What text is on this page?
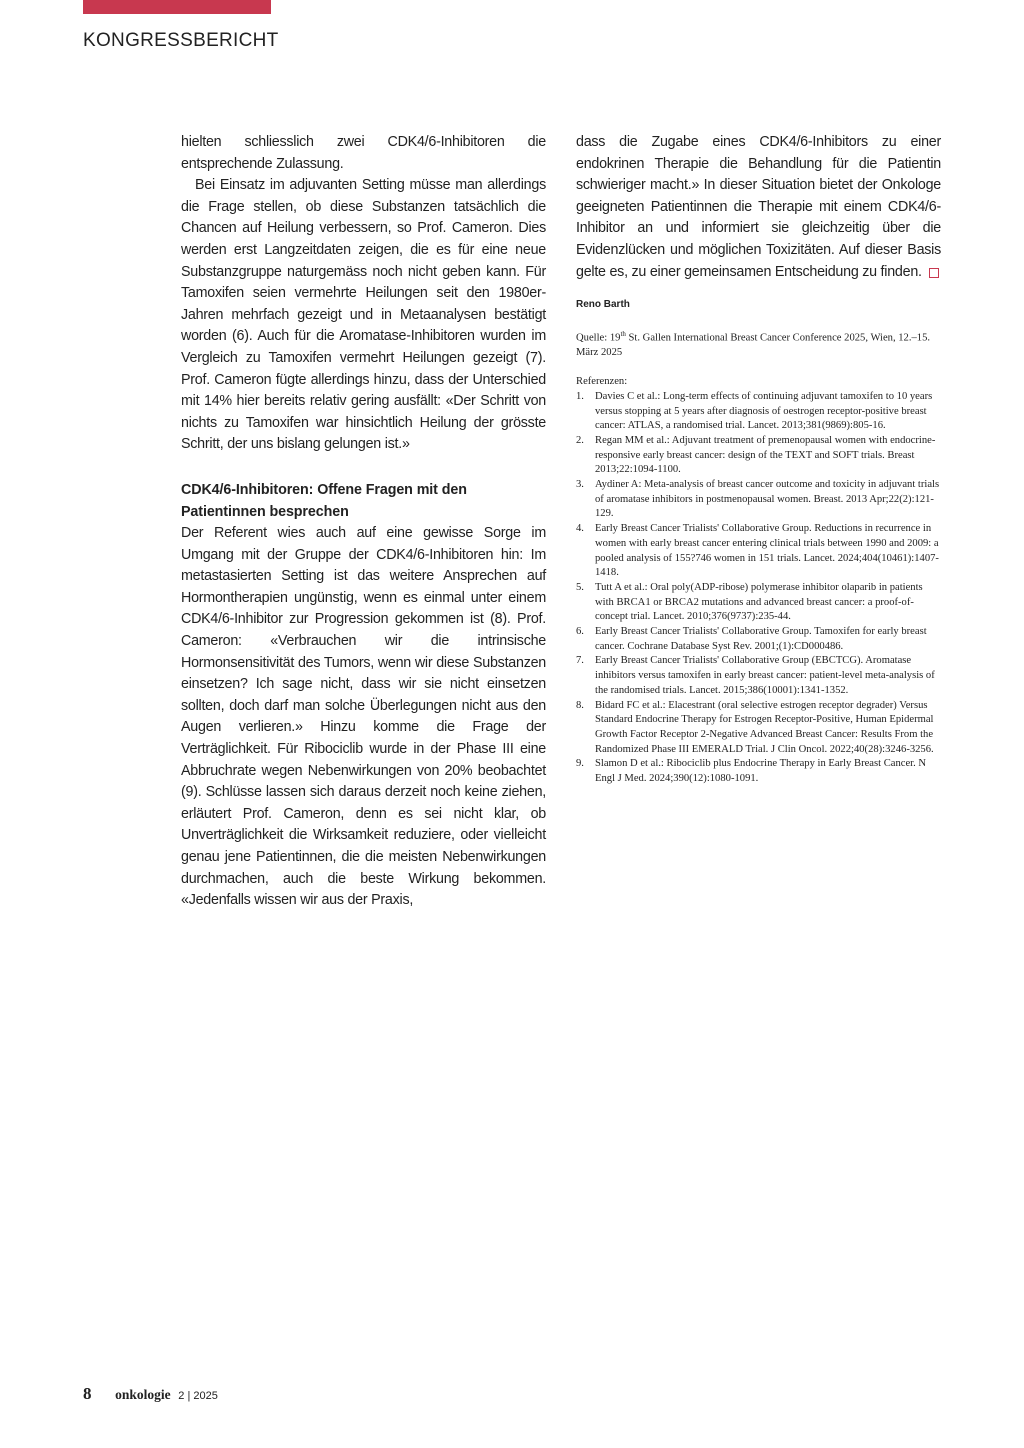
KONGRESSBERICHT

hielten schliesslich zwei CDK4/6-Inhibitoren die entsprechende Zulassung.

Bei Einsatz im adjuvanten Setting müsse man allerdings die Frage stellen, ob diese Substanzen tatsächlich die Chancen auf Heilung verbessern, so Prof. Cameron. Dies werden erst Langzeitdaten zeigen, die es für eine neue Substanzgruppe naturgemäss noch nicht geben kann. Für Tamoxifen seien vermehrte Heilungen seit den 1980er-Jahren mehrfach gezeigt und in Metaanalysen bestätigt worden (6). Auch für die Aromatase-Inhibitoren wurden im Vergleich zu Tamoxifen vermehrt Heilungen gezeigt (7). Prof. Cameron fügte allerdings hinzu, dass der Unterschied mit 14% hier bereits relativ gering ausfällt: «Der Schritt von nichts zu Tamoxifen war hinsichtlich Heilung der grösste Schritt, der uns bislang gelungen ist.»

CDK4/6-Inhibitoren: Offene Fragen mit den Patientinnen besprechen

Der Referent wies auch auf eine gewisse Sorge im Umgang mit der Gruppe der CDK4/6-Inhibitoren hin: Im metastasierten Setting ist das weitere Ansprechen auf Hormontherapien ungünstig, wenn es einmal unter einem CDK4/6-Inhibitor zur Progression gekommen ist (8). Prof. Cameron: «Verbrauchen wir die intrinsische Hormonsensitivität des Tumors, wenn wir diese Substanzen einsetzen? Ich sage nicht, dass wir sie nicht einsetzen sollten, doch darf man solche Überlegungen nicht aus den Augen verlieren.» Hinzu komme die Frage der Verträglichkeit. Für Ribociclib wurde in der Phase III eine Abbruchrate wegen Nebenwirkungen von 20% beobachtet (9). Schlüsse lassen sich daraus derzeit noch keine ziehen, erläutert Prof. Cameron, denn es sei nicht klar, ob Unverträglichkeit die Wirksamkeit reduziere, oder vielleicht genau jene Patientinnen, die die meisten Nebenwirkungen durchmachen, auch die beste Wirkung bekommen. «Jedenfalls wissen wir aus der Praxis,

dass die Zugabe eines CDK4/6-Inhibitors zu einer endokrinen Therapie die Behandlung für die Patientin schwieriger macht.» In dieser Situation bietet der Onkologe geeigneten Patientinnen die Therapie mit einem CDK4/6-Inhibitor an und informiert sie gleichzeitig über die Evidenzlücken und möglichen Toxizitäten. Auf dieser Basis gelte es, zu einer gemeinsamen Entscheidung zu finden.

Reno Barth

Quelle: 19th St. Gallen International Breast Cancer Conference 2025, Wien, 12.–15. März 2025

Referenzen:

1. Davies C et al.: Long-term effects of continuing adjuvant tamoxifen to 10 years versus stopping at 5 years after diagnosis of oestrogen receptor-positive breast cancer: ATLAS, a randomised trial. Lancet. 2013;381(9869):805-16.
2. Regan MM et al.: Adjuvant treatment of premenopausal women with endocrine-responsive early breast cancer: design of the TEXT and SOFT trials. Breast 2013;22:1094-1100.
3. Aydiner A: Meta-analysis of breast cancer outcome and toxicity in adjuvant trials of aromatase inhibitors in postmenopausal women. Breast. 2013 Apr;22(2):121-129.
4. Early Breast Cancer Trialists' Collaborative Group. Reductions in recurrence in women with early breast cancer entering clinical trials between 1990 and 2009: a pooled analysis of 155?746 women in 151 trials. Lancet. 2024;404(10461):1407-1418.
5. Tutt A et al.: Oral poly(ADP-ribose) polymerase inhibitor olaparib in patients with BRCA1 or BRCA2 mutations and advanced breast cancer: a proof-of-concept trial. Lancet. 2010;376(9737):235-44.
6. Early Breast Cancer Trialists' Collaborative Group. Tamoxifen for early breast cancer. Cochrane Database Syst Rev. 2001;(1):CD000486.
7. Early Breast Cancer Trialists' Collaborative Group (EBCTCG). Aromatase inhibitors versus tamoxifen in early breast cancer: patient-level meta-analysis of the randomised trials. Lancet. 2015;386(10001):1341-1352.
8. Bidard FC et al.: Elacestrant (oral selective estrogen receptor degrader) Versus Standard Endocrine Therapy for Estrogen Receptor-Positive, Human Epidermal Growth Factor Receptor 2-Negative Advanced Breast Cancer: Results From the Randomized Phase III EMERALD Trial. J Clin Oncol. 2022;40(28):3246-3256.
9. Slamon D et al.: Ribociclib plus Endocrine Therapy in Early Breast Cancer. N Engl J Med. 2024;390(12):1080-1091.
8 onkologie 2 | 2025
